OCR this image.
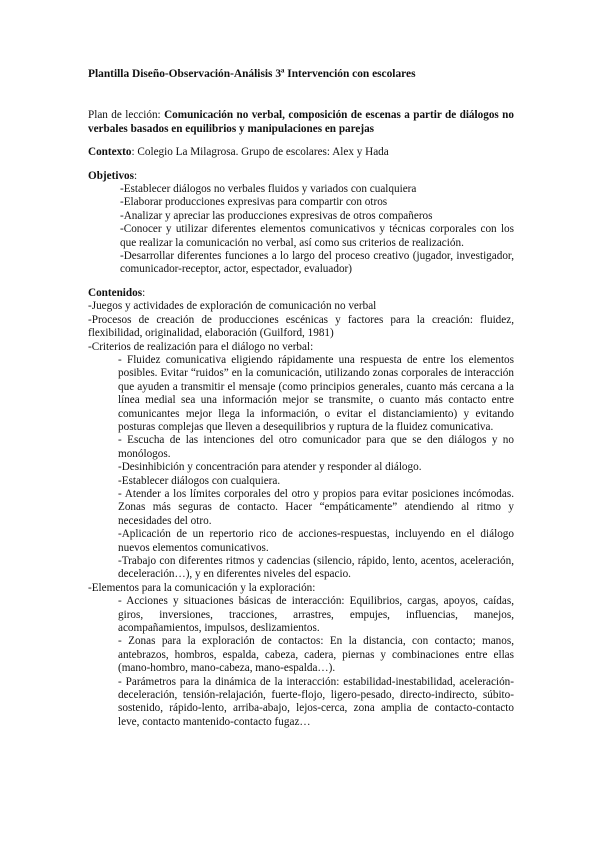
Plantilla Diseño-Observación-Análisis 3ª Intervención con escolares
Plan de lección: Comunicación no verbal, composición de escenas a partir de diálogos no verbales basados en equilibrios y manipulaciones en parejas
Contexto: Colegio La Milagrosa. Grupo de escolares: Alex y Hada
Objetivos:
-Establecer diálogos no verbales fluidos y variados con cualquiera
-Elaborar producciones expresivas para compartir con otros
-Analizar y apreciar las producciones expresivas de otros compañeros
-Conocer y utilizar diferentes elementos comunicativos y técnicas corporales con los que realizar la comunicación no verbal, así como sus criterios de realización.
-Desarrollar diferentes funciones a lo largo del proceso creativo (jugador, investigador, comunicador-receptor, actor, espectador, evaluador)
Contenidos:
-Juegos y actividades de exploración de comunicación no verbal
-Procesos de creación de producciones escénicas y factores para la creación: fluidez, flexibilidad, originalidad, elaboración (Guilford, 1981)
-Criterios de realización para el diálogo no verbal:
- Fluidez comunicativa eligiendo rápidamente una respuesta de entre los elementos posibles. Evitar “ruidos” en la comunicación, utilizando zonas corporales de interacción que ayuden a transmitir el mensaje (como principios generales, cuanto más cercana a la línea medial sea una información mejor se transmite, o cuanto más contacto entre comunicantes mejor llega la información, o evitar el distanciamiento) y evitando posturas complejas que lleven a desequilibrios y ruptura de la fluidez comunicativa.
- Escucha de las intenciones del otro comunicador para que se den diálogos y no monólogos.
-Desinhibición y concentración para atender y responder al diálogo.
-Establecer diálogos con cualquiera.
- Atender a los límites corporales del otro y propios para evitar posiciones incómodas. Zonas más seguras de contacto. Hacer “empáticamente” atendiendo al ritmo y necesidades del otro.
-Aplicación de un repertorio rico de acciones-respuestas, incluyendo en el diálogo nuevos elementos comunicativos.
-Trabajo con diferentes ritmos y cadencias (silencio, rápido, lento, acentos, aceleración, deceleración…), y en diferentes niveles del espacio.
-Elementos para la comunicación y la exploración:
- Acciones y situaciones básicas de interacción: Equilibrios, cargas, apoyos, caídas, giros, inversiones, tracciones, arrastres, empujes, influencias, manejos, acompañamientos, impulsos, deslizamientos.
- Zonas para la exploración de contactos: En la distancia, con contacto; manos, antebrazos, hombros, espalda, cabeza, cadera, piernas y combinaciones entre ellas (mano-hombro, mano-cabeza, mano-espalda…).
- Parámetros para la dinámica de la interacción: estabilidad-inestabilidad, aceleración-deceleración, tensión-relajación, fuerte-flojo, ligero-pesado, directo-indirecto, súbito-sostenido, rápido-lento, arriba-abajo, lejos-cerca, zona amplia de contacto-contacto leve, contacto mantenido-contacto fugaz…
